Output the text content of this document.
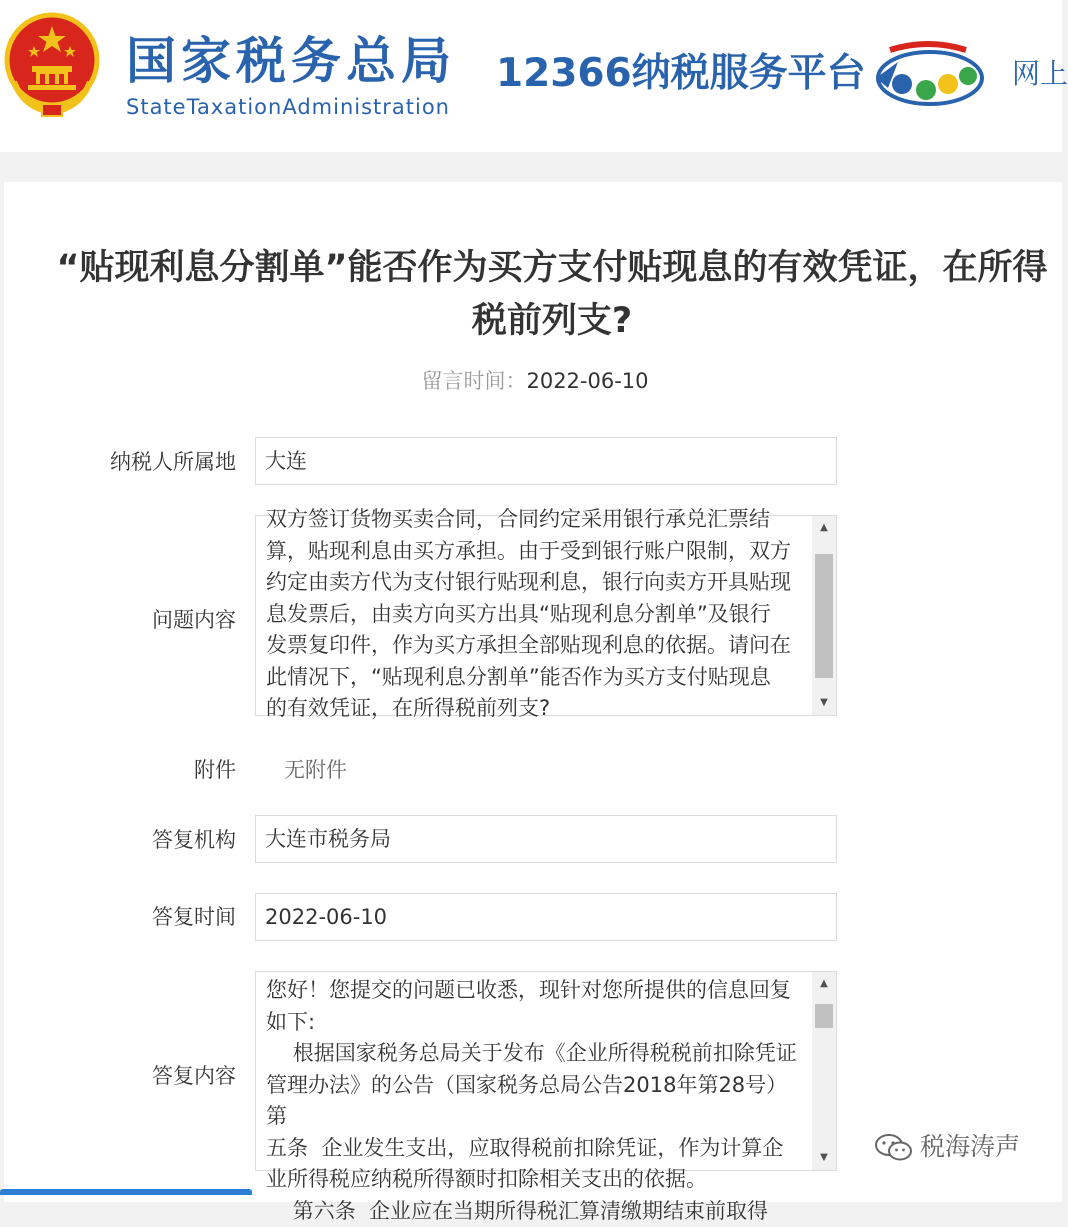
国家税务总局
StateTaxationAdministration
12366纳税服务平台	网上
“贴现利息分割单”能否作为买方支付贴现息的有效凭证，在所得税前列支?
留言时间：2022-06-10
纳税人所属地	大连
问题内容

双方签订货物买卖合同，合同约定采用银行承兑汇票结

算，贴现利息由买方承担。由于受到银行账户限制，双方

约定由卖方代为支付银行贴现利息，银行向卖方开具贴现

息发票后，由卖方向买方出具“贴现利息分割单”及银行

发票复印件，作为买方承担全部贴现利息的依据。请问在

此情况下，“贴现利息分割单”能否作为买方支付贴现息

的有效凭证，在所得税前列支?

▲
▼
附件 无附件
答复机构	大连市税务局
答复时间	2022-06-10
答复内容

您好！您提交的问题已收悉，现针对您所提供的信息回复

如下:

根据国家税务总局关于发布《企业所得税税前扣除凭证

管理办法》的公告（国家税务总局公告2018年第28号）第

五条  企业发生支出，应取得税前扣除凭证，作为计算企

业所得税应纳税所得额时扣除相关支出的依据。

第六条  企业应在当期所得税汇算清缴期结束前取得

▲
▼	税海涛声
